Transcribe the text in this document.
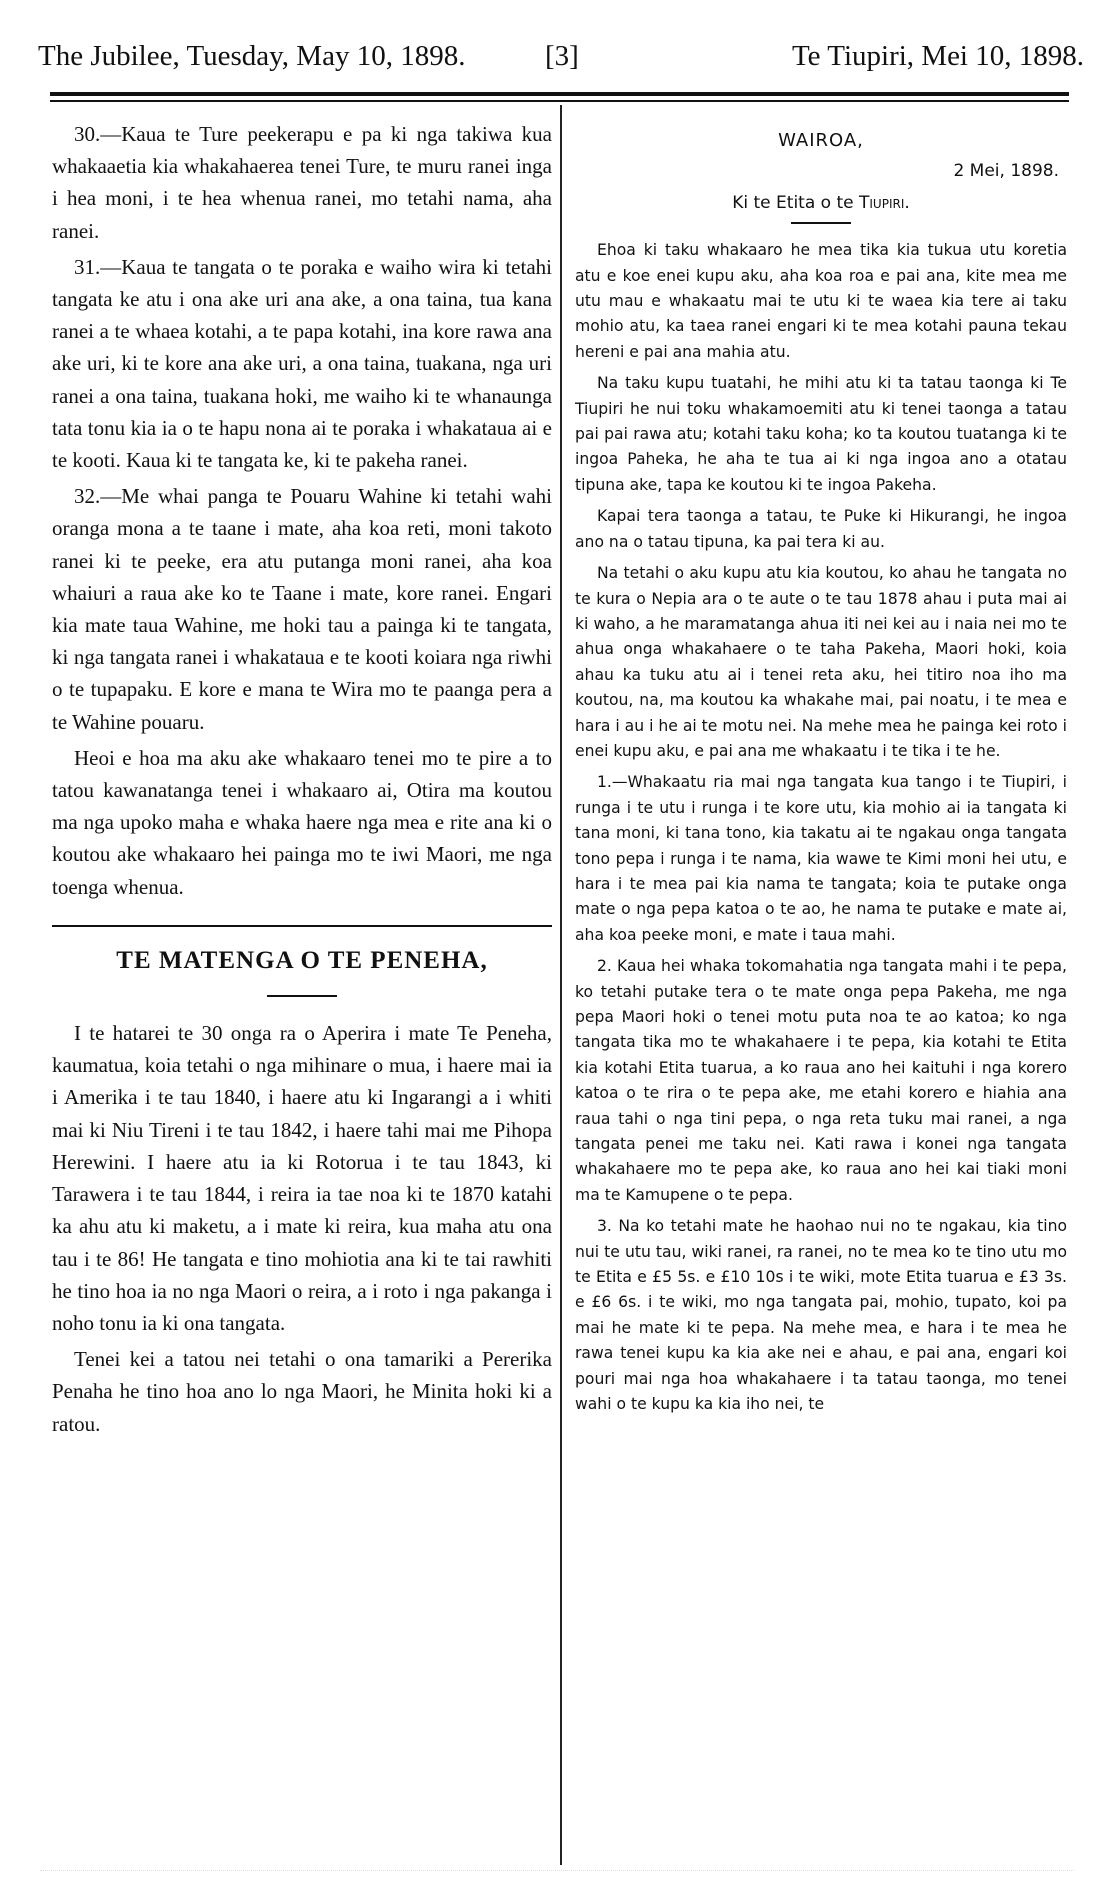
The Jubilee, Tuesday, May 10, 1898.	[3]	Te Tiupiri, Mei 10, 1898.

30.—Kaua te Ture peekerapu e pa ki nga takiwa kua whakaaetia kia whakahaerea tenei Ture, te muru ranei inga i hea moni, i te hea whenua ranei, mo tetahi nama, aha ranei.

31.—Kaua te tangata o te poraka e waiho wira ki tetahi tangata ke atu i ona ake uri ana ake, a ona taina, tua kana ranei a te whaea kotahi, a te papa kotahi, ina kore rawa ana ake uri, ki te kore ana ake uri, a ona taina, tuakana, nga uri ranei a ona taina, tuakana hoki, me waiho ki te whanaunga tata tonu kia ia o te hapu nona ai te poraka i whakataua ai e te kooti. Kaua ki te tangata ke, ki te pakeha ranei.

32.—Me whai panga te Pouaru Wahine ki tetahi wahi oranga mona a te taane i mate, aha koa reti, moni takoto ranei ki te peeke, era atu putanga moni ranei, aha koa whaiuri a raua ake ko te Taane i mate, kore ranei. Engari kia mate taua Wahine, me hoki tau a painga ki te tangata, ki nga tangata ranei i whakataua e te kooti koiara nga riwhi o te tupapaku. E kore e mana te Wira mo te paanga pera a te Wahine pouaru.

Heoi e hoa ma aku ake whakaaro tenei mo te pire a to tatou kawanatanga tenei i whakaaro ai, Otira ma koutou ma nga upoko maha e whaka haere nga mea e rite ana ki o koutou ake whakaaro hei painga mo te iwi Maori, me nga toenga whenua.

TE MATENGA O TE PENEHA,

I te hatarei te 30 onga ra o Aperira i mate Te Peneha, kaumatua, koia tetahi o nga mihinare o mua, i haere mai ia i Amerika i te tau 1840, i haere atu ki Ingarangi a i whiti mai ki Niu Tireni i te tau 1842, i haere tahi mai me Pihopa Herewini. I haere atu ia ki Rotorua i te tau 1843, ki Tarawera i te tau 1844, i reira ia tae noa ki te 1870 katahi ka ahu atu ki maketu, a i mate ki reira, kua maha atu ona tau i te 86! He tangata e tino mohiotia ana ki te tai rawhiti he tino hoa ia no nga Maori o reira, a i roto i nga pakanga i noho tonu ia ki ona tangata.

Tenei kei a tatou nei tetahi o ona tamariki a Pererika Penaha he tino hoa ano lo nga Maori, he Minita hoki ki a ratou.

WAIROA,

2 Mei, 1898.

Ki te Etita o te Tiupiri.

Ehoa ki taku whakaaro he mea tika kia tukua utu koretia atu e koe enei kupu aku, aha koa roa e pai ana, kite mea me utu mau e whakaatu mai te utu ki te waea kia tere ai taku mohio atu, ka taea ranei engari ki te mea kotahi pauna tekau hereni e pai ana mahia atu.

Na taku kupu tuatahi, he mihi atu ki ta tatau taonga ki Te Tiupiri he nui toku whakamoemiti atu ki tenei taonga a tatau pai pai rawa atu; kotahi taku koha; ko ta koutou tuatanga ki te ingoa Paheka, he aha te tua ai ki nga ingoa ano a otatau tipuna ake, tapa ke koutou ki te ingoa Pakeha.

Kapai tera taonga a tatau, te Puke ki Hikurangi, he ingoa ano na o tatau tipuna, ka pai tera ki au.

Na tetahi o aku kupu atu kia koutou, ko ahau he tangata no te kura o Nepia ara o te aute o te tau 1878 ahau i puta mai ai ki waho, a he maramatanga ahua iti nei kei au i naia nei mo te ahua onga whakahaere o te taha Pakeha, Maori hoki, koia ahau ka tuku atu ai i tenei reta aku, hei titiro noa iho ma koutou, na, ma koutou ka whakahe mai, pai noatu, i te mea e hara i au i he ai te motu nei. Na mehe mea he painga kei roto i enei kupu aku, e pai ana me whakaatu i te tika i te he.

1.—Whakaatu ria mai nga tangata kua tango i te Tiupiri, i runga i te utu i runga i te kore utu, kia mohio ai ia tangata ki tana moni, ki tana tono, kia takatu ai te ngakau onga tangata tono pepa i runga i te nama, kia wawe te Kimi moni hei utu, e hara i te mea pai kia nama te tangata; koia te putake onga mate o nga pepa katoa o te ao, he nama te putake e mate ai, aha koa peeke moni, e mate i taua mahi.

2. Kaua hei whaka tokomahatia nga tangata mahi i te pepa, ko tetahi putake tera o te mate onga pepa Pakeha, me nga pepa Maori hoki o tenei motu puta noa te ao katoa; ko nga tangata tika mo te whakahaere i te pepa, kia kotahi te Etita kia kotahi Etita tuarua, a ko raua ano hei kaituhi i nga korero katoa o te rira o te pepa ake, me etahi korero e hiahia ana raua tahi o nga tini pepa, o nga reta tuku mai ranei, a nga tangata penei me taku nei. Kati rawa i konei nga tangata whakahaere mo te pepa ake, ko raua ano hei kai tiaki moni ma te Kamupene o te pepa.

3. Na ko tetahi mate he haohao nui no te ngakau, kia tino nui te utu tau, wiki ranei, ra ranei, no te mea ko te tino utu mo te Etita e £5 5s. e £10 10s i te wiki, mote Etita tuarua e £3 3s. e £6 6s. i te wiki, mo nga tangata pai, mohio, tupato, koi pa mai he mate ki te pepa. Na mehe mea, e hara i te mea he rawa tenei kupu ka kia ake nei e ahau, e pai ana, engari koi pouri mai nga hoa whakahaere i ta tatau taonga, mo tenei wahi o te kupu ka kia iho nei, te
